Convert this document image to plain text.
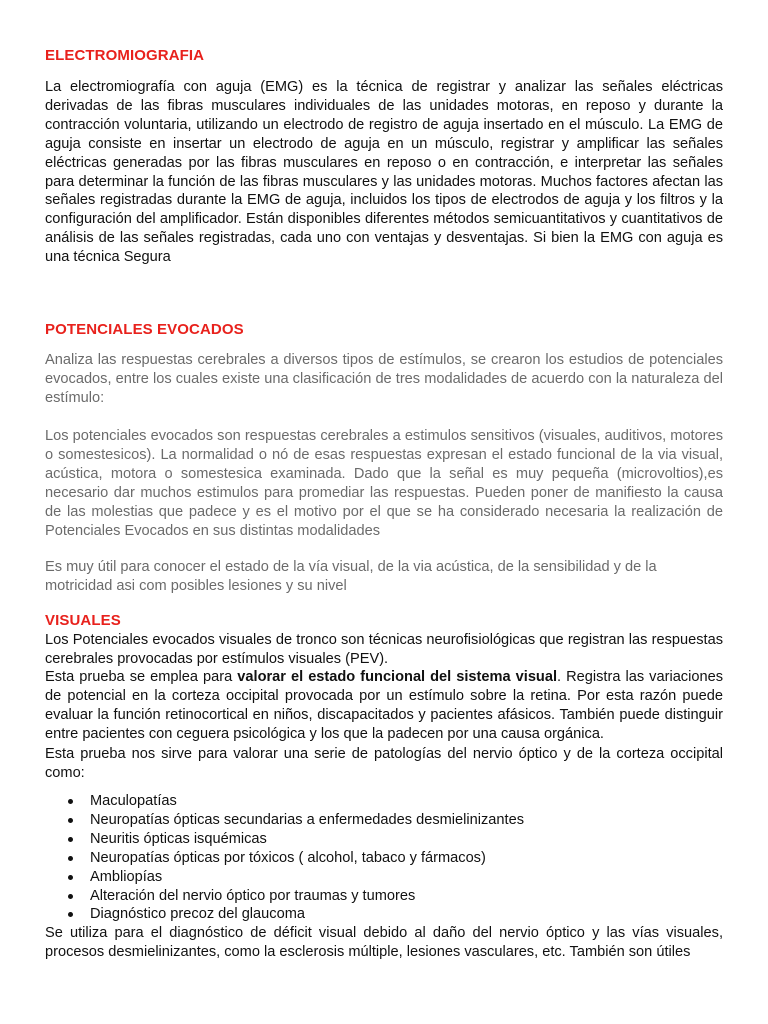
ELECTROMIOGRAFIA

La electromiografía con aguja (EMG) es la técnica de registrar y analizar las señales eléctricas derivadas de las fibras musculares individuales de las unidades motoras, en reposo y durante la contracción voluntaria, utilizando un electrodo de registro de aguja insertado en el músculo. La EMG de aguja consiste en insertar un electrodo de aguja en un músculo, registrar y amplificar las señales eléctricas generadas por las fibras musculares en reposo o en contracción, e interpretar las señales para determinar la función de las fibras musculares y las unidades motoras. Muchos factores afectan las señales registradas durante la EMG de aguja, incluidos los tipos de electrodos de aguja y los filtros y la configuración del amplificador. Están disponibles diferentes métodos semicuantitativos y cuantitativos de análisis de las señales registradas, cada uno con ventajas y desventajas. Si bien la EMG con aguja es una técnica Segura

POTENCIALES EVOCADOS

Analiza las respuestas cerebrales a diversos tipos de estímulos, se crearon los estudios de potenciales evocados, entre los cuales existe una clasificación de tres modalidades de acuerdo con la naturaleza del estímulo:

Los potenciales evocados son respuestas cerebrales a estimulos sensitivos (visuales, auditivos, motores o somestesicos). La normalidad o nó de esas respuestas expresan el estado funcional de la via visual, acústica, motora o somestesica examinada. Dado que la señal es muy pequeña (microvoltios),es necesario dar muchos estimulos para promediar las respuestas. Pueden poner de manifiesto la causa de las molestias que padece y es el motivo por el que se ha considerado necesaria la realización de Potenciales Evocados en sus distintas modalidades

Es muy útil para conocer el estado de la vía visual, de la via acústica, de la sensibilidad y de la motricidad asi com posibles lesiones y su nivel

VISUALES

Los Potenciales evocados visuales de tronco son técnicas neurofisiológicas que registran las respuestas cerebrales provocadas por estímulos visuales (PEV).

Esta prueba se emplea para valorar el estado funcional del sistema visual. Registra las variaciones de potencial en la corteza occipital provocada por un estímulo sobre la retina. Por esta razón puede evaluar la función retinocortical en niños, discapacitados y pacientes afásicos. También puede distinguir entre pacientes con ceguera psicológica y los que la padecen por una causa orgánica.

Esta prueba nos sirve para valorar una serie de patologías del nervio óptico y de la corteza occipital como:

Maculopatías
Neuropatías ópticas secundarias a enfermedades desmielinizantes
Neuritis ópticas isquémicas
Neuropatías ópticas por tóxicos ( alcohol, tabaco y fármacos)
Ambliopías
Alteración del nervio óptico por traumas y tumores
Diagnóstico precoz del glaucoma

Se utiliza para el diagnóstico de déficit visual debido al daño del nervio óptico y las vías visuales, procesos desmielinizantes, como la esclerosis múltiple, lesiones vasculares, etc. También son útiles
